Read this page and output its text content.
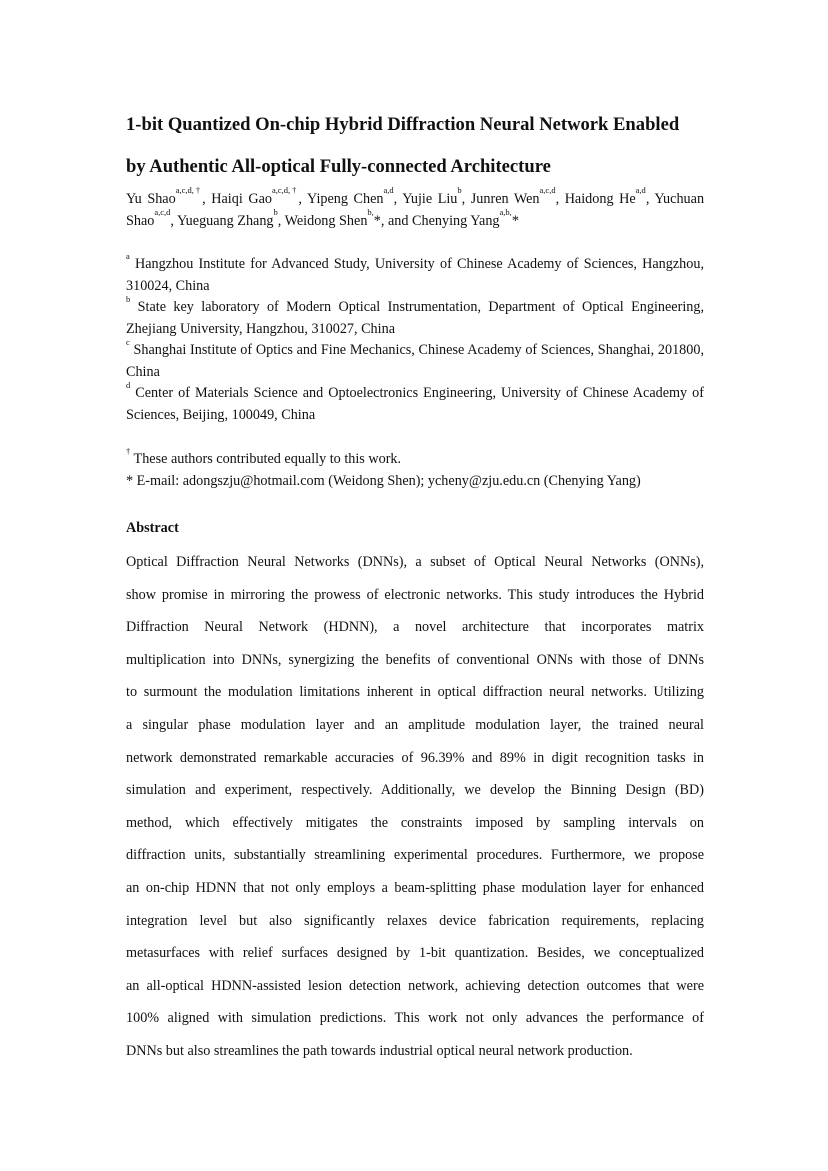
1-bit Quantized On-chip Hybrid Diffraction Neural Network Enabled
by Authentic All-optical Fully-connected Architecture
Yu Shao$^{a,c,d,\dagger}$, Haiqi Gao$^{a,c,d,\dagger}$, Yipeng Chen$^{a,d}$, Yujie Liu$^b$, Junren Wen$^{a,c,d}$, Haidong He$^{a,d}$, Yuchuan Shao$^{a,c,d}$, Yueguang Zhang$^b$, Weidong Shen$^{b,}$*, and Chenying Yang$^{a,b,}$*
$^a$ Hangzhou Institute for Advanced Study, University of Chinese Academy of Sciences, Hangzhou, 310024, China
$^b$ State key laboratory of Modern Optical Instrumentation, Department of Optical Engineering, Zhejiang University, Hangzhou, 310027, China
$^c$ Shanghai Institute of Optics and Fine Mechanics, Chinese Academy of Sciences, Shanghai, 201800, China
$^d$ Center of Materials Science and Optoelectronics Engineering, University of Chinese Academy of Sciences, Beijing, 100049, China
† These authors contributed equally to this work.
* E-mail: adongszju@hotmail.com (Weidong Shen); ycheny@zju.edu.cn (Chenying Yang)
Abstract
Optical Diffraction Neural Networks (DNNs), a subset of Optical Neural Networks (ONNs),
show promise in mirroring the prowess of electronic networks. This study introduces the Hybrid
Diffraction Neural Network (HDNN), a novel architecture that incorporates matrix
multiplication into DNNs, synergizing the benefits of conventional ONNs with those of DNNs
to surmount the modulation limitations inherent in optical diffraction neural networks. Utilizing
a singular phase modulation layer and an amplitude modulation layer, the trained neural
network demonstrated remarkable accuracies of 96.39% and 89% in digit recognition tasks in
simulation and experiment, respectively. Additionally, we develop the Binning Design (BD)
method, which effectively mitigates the constraints imposed by sampling intervals on
diffraction units, substantially streamlining experimental procedures. Furthermore, we propose
an on-chip HDNN that not only employs a beam-splitting phase modulation layer for enhanced
integration level but also significantly relaxes device fabrication requirements, replacing
metasurfaces with relief surfaces designed by 1-bit quantization. Besides, we conceptualized
an all-optical HDNN-assisted lesion detection network, achieving detection outcomes that were
100% aligned with simulation predictions. This work not only advances the performance of
DNNs but also streamlines the path towards industrial optical neural network production.
